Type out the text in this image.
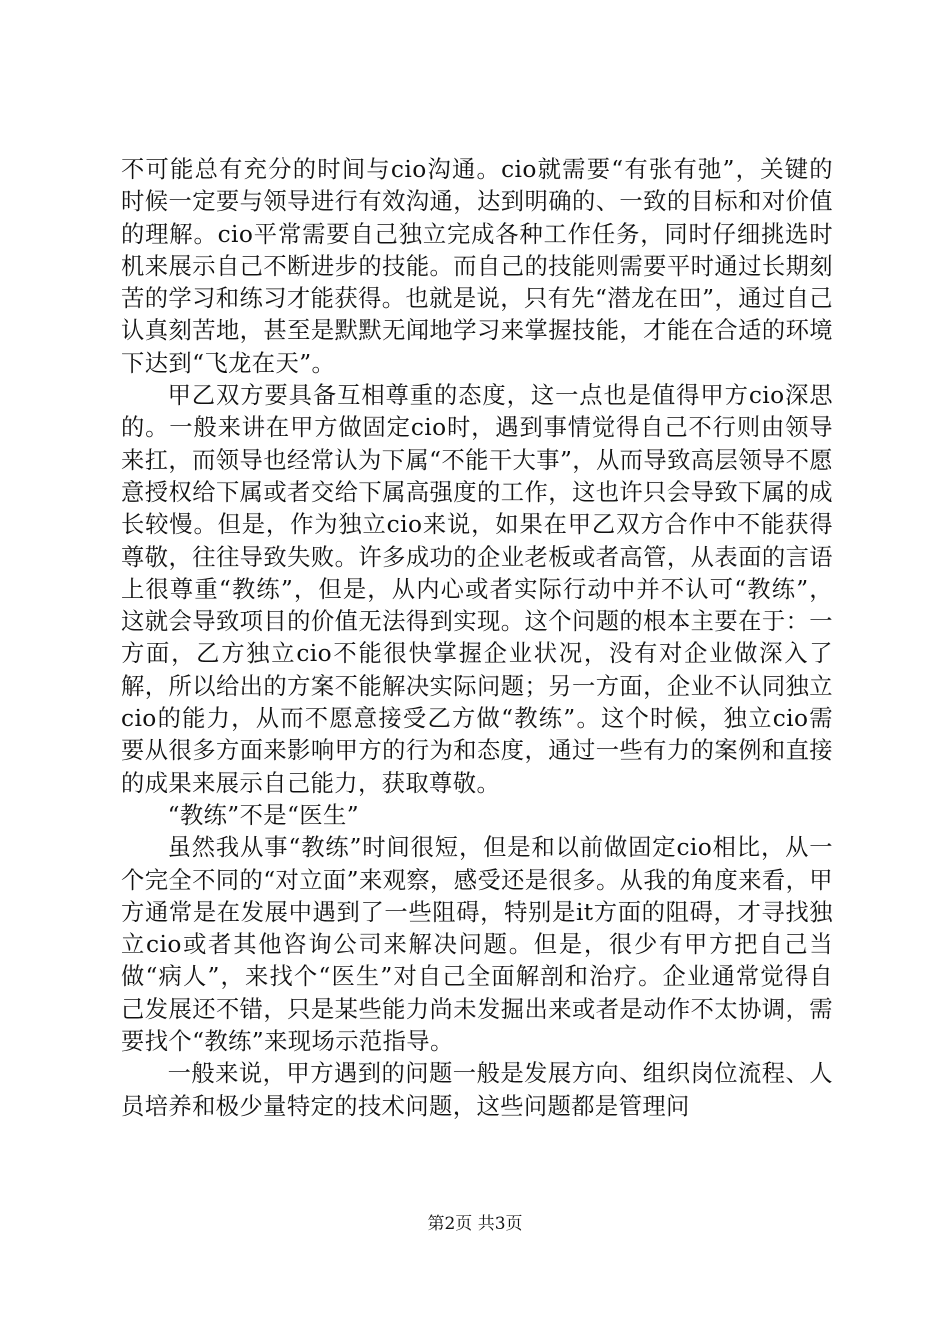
不可能总有充分的时间与cio沟通。cio就需要“有张有弛”，关键的时候一定要与领导进行有效沟通，达到明确的、一致的目标和对价值的理解。cio平常需要自己独立完成各种工作任务，同时仔细挑选时机来展示自己不断进步的技能。而自己的技能则需要平时通过长期刻苦的学习和练习才能获得。也就是说，只有先“潜龙在田”，通过自己认真刻苦地，甚至是默默无闻地学习来掌握技能，才能在合适的环境下达到“飞龙在天”。

甲乙双方要具备互相尊重的态度，这一点也是值得甲方cio深思的。一般来讲在甲方做固定cio时，遇到事情觉得自己不行则由领导来扛，而领导也经常认为下属“不能干大事”，从而导致高层领导不愿意授权给下属或者交给下属高强度的工作，这也许只会导致下属的成长较慢。但是，作为独立cio来说，如果在甲乙双方合作中不能获得尊敬，往往导致失败。许多成功的企业老板或者高管，从表面的言语上很尊重“教练”，但是，从内心或者实际行动中并不认可“教练”，这就会导致项目的价值无法得到实现。这个问题的根本主要在于：一方面，乙方独立cio不能很快掌握企业状况，没有对企业做深入了解，所以给出的方案不能解决实际问题；另一方面，企业不认同独立cio的能力，从而不愿意接受乙方做“教练”。这个时候，独立cio需要从很多方面来影响甲方的行为和态度，通过一些有力的案例和直接的成果来展示自己能力，获取尊敬。

“教练”不是“医生”

虽然我从事“教练”时间很短，但是和以前做固定cio相比，从一个完全不同的“对立面”来观察，感受还是很多。从我的角度来看，甲方通常是在发展中遇到了一些阻碍，特别是it方面的阻碍，才寻找独立cio或者其他咨询公司来解决问题。但是，很少有甲方把自己当做“病人”，来找个“医生”对自己全面解剖和治疗。企业通常觉得自己发展还不错，只是某些能力尚未发掘出来或者是动作不太协调，需要找个“教练”来现场示范指导。

一般来说，甲方遇到的问题一般是发展方向、组织岗位流程、人员培养和极少量特定的技术问题，这些问题都是管理问

第2页 共3页
